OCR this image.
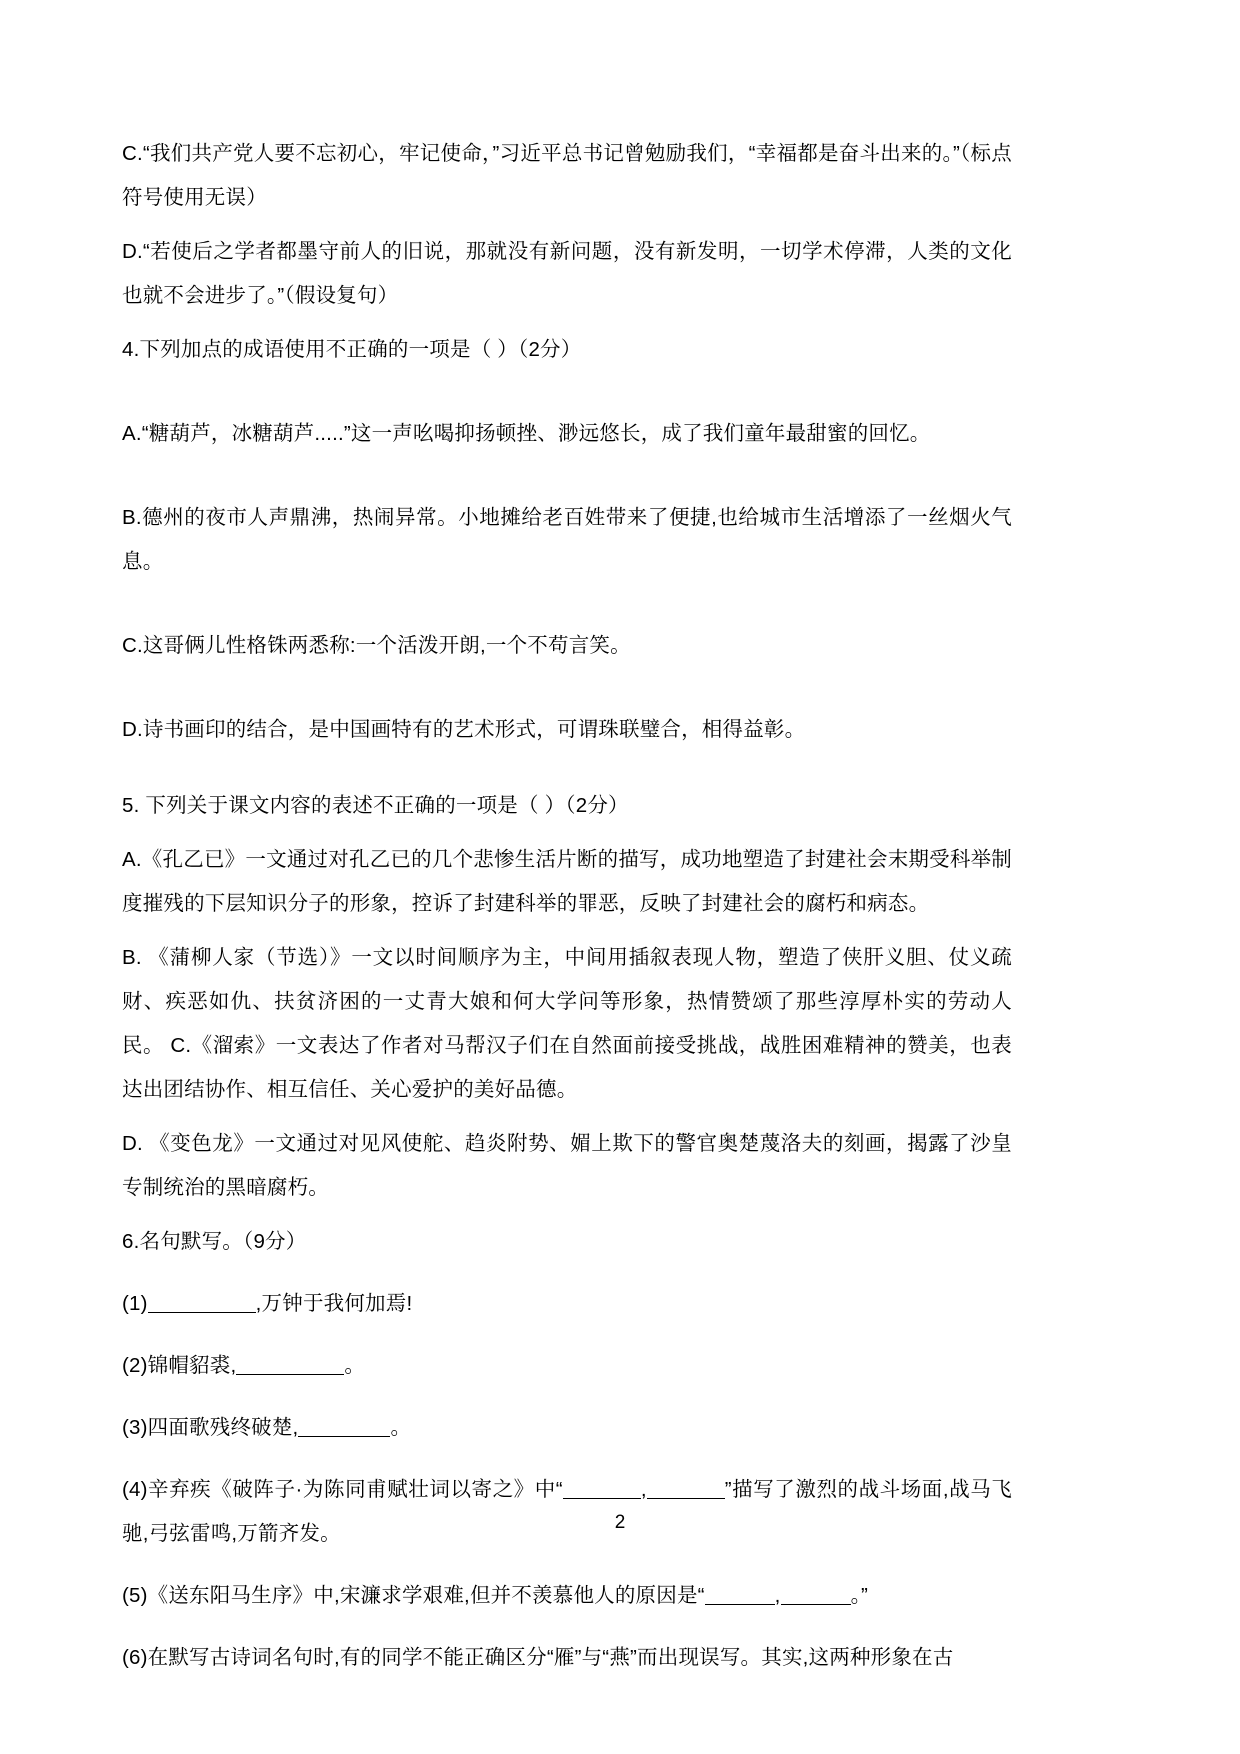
C.“我们共产党人要不忘初心，牢记使命，”习近平总书记曾勉励我们，“幸福都是奋斗出来的。”（标点符号使用无误）

D.“若使后之学者都墨守前人的旧说，那就没有新问题，没有新发明，一切学术停滞，人类的文化也就不会进步了。”（假设复句）

4.下列加点的成语使用不正确的一项是（ ）（2分）

A.“糖葫芦，冰糖葫芦.....”这一声吆喝抑扬顿挫、渺远悠长，成了我们童年最甜蜜的回忆。

B.德州的夜市人声鼎沸，热闹异常。小地摊给老百姓带来了便捷,也给城市生活增添了一丝烟火气息。

C.这哥俩儿性格铢两悉称:一个活泼开朗,一个不苟言笑。

D.诗书画印的结合，是中国画特有的艺术形式，可谓珠联璧合，相得益彰。

5. 下列关于课文内容的表述不正确的一项是（ ）（2分）

A.《孔乙已》一文通过对孔乙已的几个悲惨生活片断的描写，成功地塑造了封建社会末期受科举制度摧残的下层知识分子的形象，控诉了封建科举的罪恶，反映了封建社会的腐朽和病态。

B. 《蒲柳人家（节选）》一文以时间顺序为主，中间用插叙表现人物，塑造了侠肝义胆、仗义疏财、疾恶如仇、扶贫济困的一丈青大娘和何大学问等形象，热情赞颂了那些淳厚朴实的劳动人民。 C.《溜索》一文表达了作者对马帮汉子们在自然面前接受挑战，战胜困难精神的赞美，也表达出团结协作、相互信任、关心爱护的美好品德。

D. 《变色龙》一文通过对见风使舵、趋炎附势、媚上欺下的警官奥楚蔑洛夫的刻画，揭露了沙皇专制统治的黑暗腐朽。

6.名句默写。（9分）

(1)	,万钟于我何加焉!

(2)锦帽貂裘,	。

(3)四面歌残终破楚,	。

(4)辛弃疾《破阵子·为陈同甫赋壮词以寄之》中“	,	”描写了激烈的战斗场面,战马飞驰,弓弦雷鸣,万箭齐发。

(5)《送东阳马生序》中,宋濂求学艰难,但并不羡慕他人的原因是“	,	。”

(6)在默写古诗词名句时,有的同学不能正确区分“雁”与“燕”而出现误写。其实,这两种形象在古

2
